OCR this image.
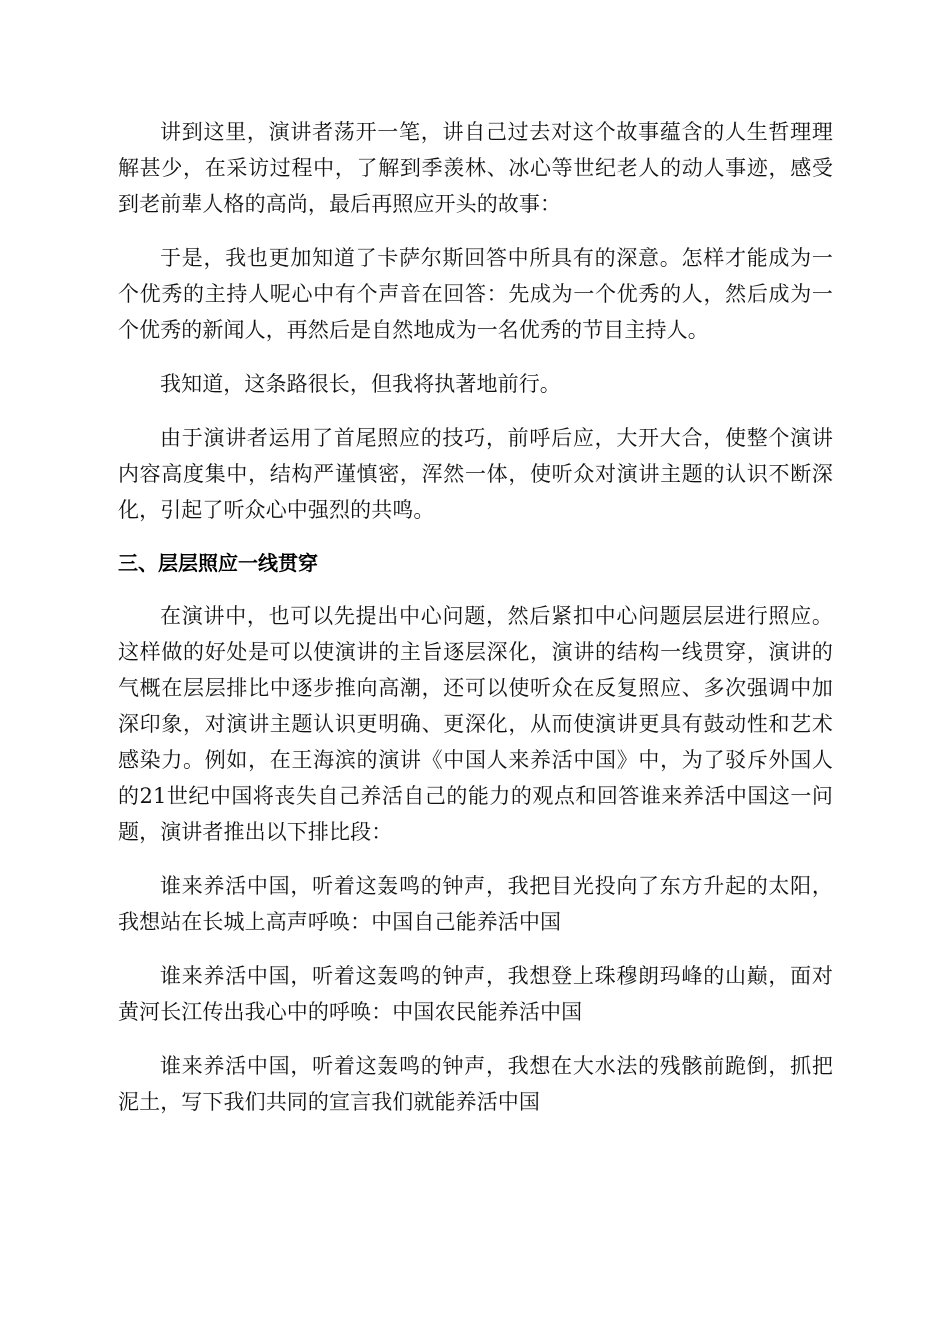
讲到这里，演讲者荡开一笔，讲自己过去对这个故事蕴含的人生哲理理解甚少，在采访过程中，了解到季羡林、冰心等世纪老人的动人事迹，感受到老前辈人格的高尚，最后再照应开头的故事：

于是，我也更加知道了卡萨尔斯回答中所具有的深意。怎样才能成为一个优秀的主持人呢心中有个声音在回答：先成为一个优秀的人，然后成为一个优秀的新闻人，再然后是自然地成为一名优秀的节目主持人。

我知道，这条路很长，但我将执著地前行。

由于演讲者运用了首尾照应的技巧，前呼后应，大开大合，使整个演讲内容高度集中，结构严谨慎密，浑然一体，使听众对演讲主题的认识不断深化，引起了听众心中强烈的共鸣。

三、层层照应一线贯穿

在演讲中，也可以先提出中心问题，然后紧扣中心问题层层进行照应。这样做的好处是可以使演讲的主旨逐层深化，演讲的结构一线贯穿，演讲的气概在层层排比中逐步推向高潮，还可以使听众在反复照应、多次强调中加深印象，对演讲主题认识更明确、更深化，从而使演讲更具有鼓动性和艺术感染力。例如，在王海滨的演讲《中国人来养活中国》中，为了驳斥外国人的21世纪中国将丧失自己养活自己的能力的观点和回答谁来养活中国这一问题，演讲者推出以下排比段：

谁来养活中国，听着这轰鸣的钟声，我把目光投向了东方升起的太阳，我想站在长城上高声呼唤：中国自己能养活中国

谁来养活中国，听着这轰鸣的钟声，我想登上珠穆朗玛峰的山巅，面对黄河长江传出我心中的呼唤：中国农民能养活中国

谁来养活中国，听着这轰鸣的钟声，我想在大水法的残骸前跪倒，抓把泥土，写下我们共同的宣言我们就能养活中国
